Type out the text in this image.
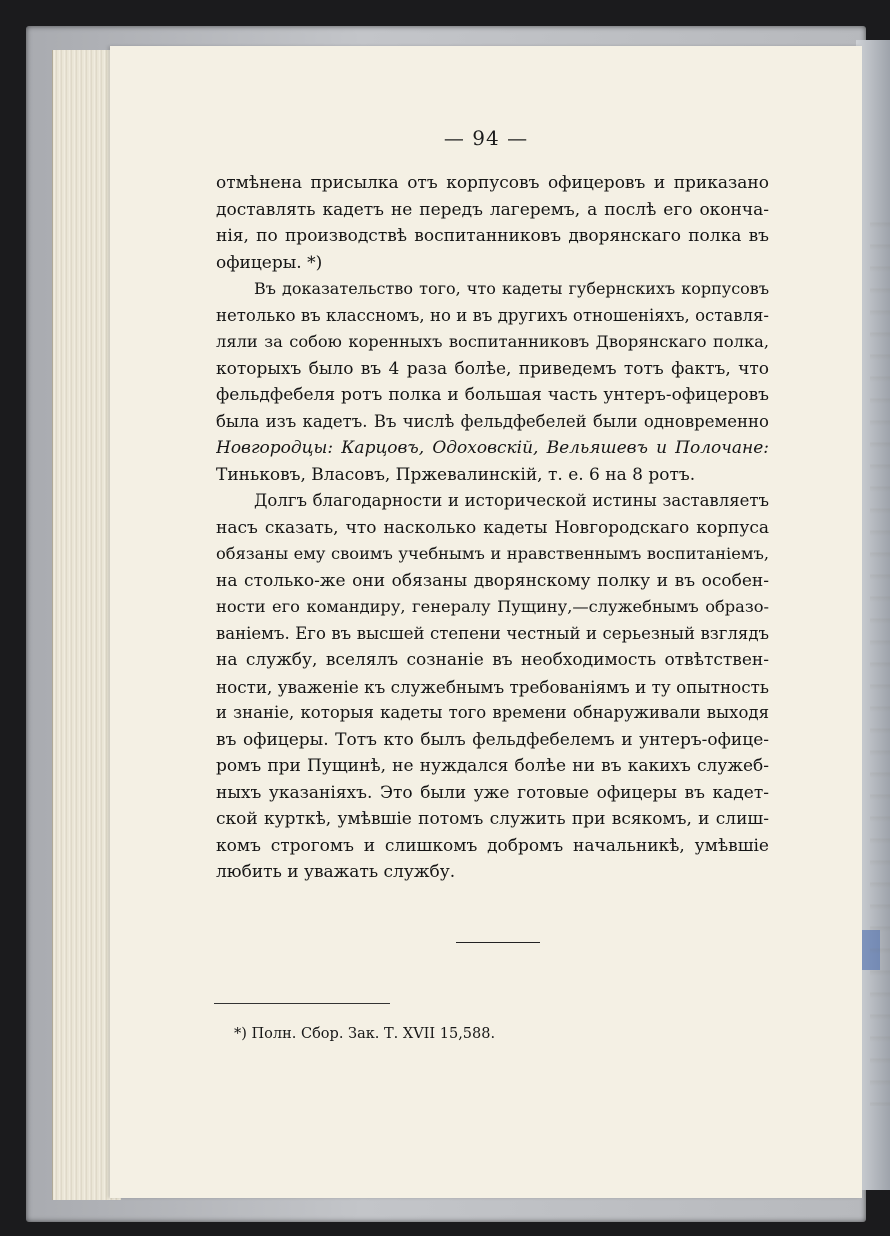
— 94 —
отмѣнена присылка отъ корпусовъ офицеровъ и приказано
доставлять кадетъ не передъ лагеремъ, а послѣ его оконча-
нія, по производствѣ воспитанниковъ дворянскаго полка въ
офицеры. *)
Въ доказательство того, что кадеты губернскихъ корпусовъ
нетолько въ классномъ, но и въ другихъ отношеніяхъ, оставля-
ляли за собою коренныхъ воспитанниковъ Дворянскаго полка,
которыхъ было въ 4 раза болѣе, приведемъ тотъ фактъ, что
фельдфебеля ротъ полка и большая часть унтеръ-офицеровъ
была изъ кадетъ. Въ числѣ фельдфебелей были одновременно
Новгородцы: Карцовъ, Одоховскій, Вельяшевъ и Полочане:
Тиньковъ, Власовъ, Пржевалинскій, т. е. 6 на 8 ротъ.
Долгъ благодарности и исторической истины заставляетъ
насъ сказать, что насколько кадеты Новгородскаго корпуса
обязаны ему своимъ учебнымъ и нравственнымъ воспитаніемъ,
на столько-же они обязаны дворянскому полку и въ особен-
ности его командиру, генералу Пущину,—служебнымъ образо-
ваніемъ. Его въ высшей степени честный и серьезный взглядъ
на службу, вселялъ сознаніе въ необходимость отвѣтствен-
ности, уваженіе къ служебнымъ требованіямъ и ту опытность
и знаніе, которыя кадеты того времени обнаруживали выходя
въ офицеры. Тотъ кто былъ фельдфебелемъ и унтеръ-офице-
ромъ при Пущинѣ, не нуждался болѣе ни въ какихъ служеб-
ныхъ указаніяхъ. Это были уже готовые офицеры въ кадет-
ской курткѣ, умѣвшіе потомъ служить при всякомъ, и слиш-
комъ строгомъ и слишкомъ добромъ начальникѣ, умѣвшіе
любить и уважать службу.
*) Полн. Сбор. Зак. Т. XVII 15,588.
